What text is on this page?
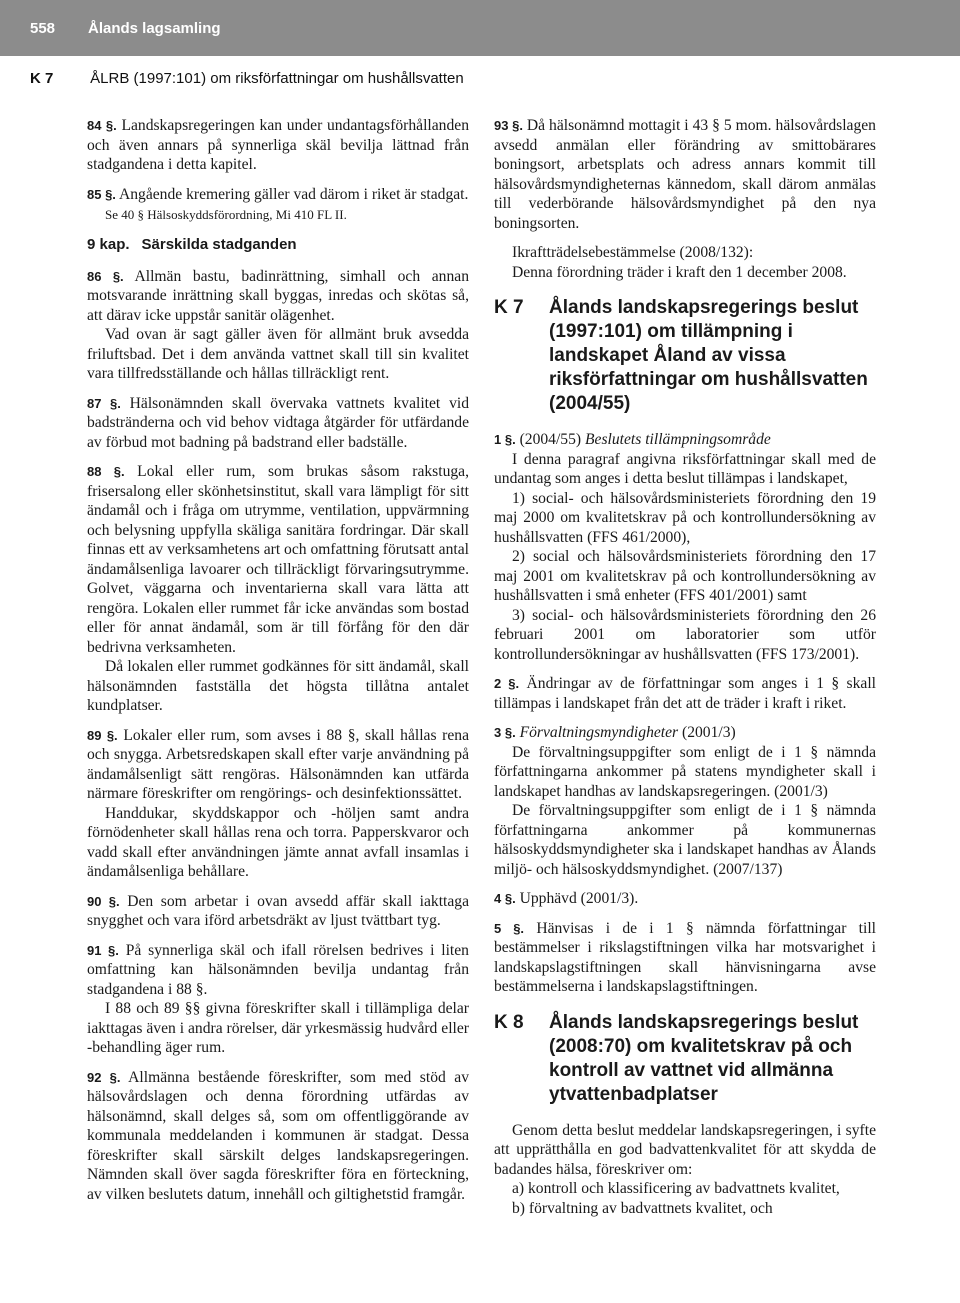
558	Ålands lagsamling
K 7 ÅLRB (1997:101) om riksförfattningar om hushållsvatten

84 §. Landskapsregeringen kan under undantagsförhållanden och även annars på synnerliga skäl bevilja lättnad från stadgandena i detta kapitel.

85 §. Angående kremering gäller vad därom i riket är stadgat.

Se 40 § Hälsoskyddsförordning, Mi 410 FL II.

9 kap. Särskilda stadganden

86 §. Allmän bastu, badinrättning, simhall och annan motsvarande inrättning skall byggas, inredas och skötas så, att därav icke uppstår sanitär olägenhet.

Vad ovan är sagt gäller även för allmänt bruk avsedda friluftsbad. Det i dem använda vattnet skall till sin kvalitet vara tillfredsställande och hållas tillräckligt rent.

87 §. Hälsonämnden skall övervaka vattnets kvalitet vid badstränderna och vid behov vidtaga åtgärder för utfärdande av förbud mot badning på badstrand eller badställe.

88 §. Lokal eller rum, som brukas såsom rakstuga, frisersalong eller skönhetsinstitut, skall vara lämpligt för sitt ändamål och i fråga om utrymme, ventilation, uppvärmning och belysning uppfylla skäliga sanitära fordringar. Där skall finnas ett av verksamhetens art och omfattning förutsatt antal ändamålsenliga lavoarer och tillräckligt förvaringsutrymme. Golvet, väggarna och inventarierna skall vara lätta att rengöra. Lokalen eller rummet får icke användas som bostad eller för annat ändamål, som är till förfång för den där bedrivna verksamheten.

Då lokalen eller rummet godkännes för sitt ändamål, skall hälsonämnden fastställa det högsta tillåtna antalet kundplatser.

89 §. Lokaler eller rum, som avses i 88 §, skall hållas rena och snygga. Arbetsredskapen skall efter varje användning på ändamålsenligt sätt rengöras. Hälsonämnden kan utfärda närmare föreskrifter om rengörings- och desinfektionssättet.

Handdukar, skyddskappor och -höljen samt andra förnödenheter skall hållas rena och torra. Papperskvaror och vadd skall efter användningen jämte annat avfall insamlas i ändamålsenliga behållare.

90 §. Den som arbetar i ovan avsedd affär skall iakttaga snygghet och vara iförd arbetsdräkt av ljust tvättbart tyg.

91 §. På synnerliga skäl och ifall rörelsen bedrives i liten omfattning kan hälsonämnden bevilja undantag från stadgandena i 88 §.

I 88 och 89 §§ givna föreskrifter skall i tillämpliga delar iakttagas även i andra rörelser, där yrkesmässig hudvård eller -behandling äger rum.

92 §. Allmänna bestående föreskrifter, som med stöd av hälsovårdslagen och denna förordning utfärdas av hälsonämnd, skall delges så, som om offentliggörande av kommunala meddelanden i kommunen är stadgat. Dessa föreskrifter skall särskilt delges landskapsregeringen. Nämnden skall över sagda föreskrifter föra en förteckning, av vilken beslutets datum, innehåll och giltighetstid framgår.

93 §. Då hälsonämnd mottagit i 43 § 5 mom. hälsovårdslagen avsedd anmälan eller förändring av smittobärares boningsort, arbetsplats och adress annars kommit till hälsovårdsmyndigheternas kännedom, skall därom anmälas till vederbörande hälsovårdsmyndighet på den nya boningsorten.

Ikraftträdelsebestämmelse (2008/132):

Denna förordning träder i kraft den 1 december 2008.

K 7	Ålands landskapsregerings beslut (1997:101) om tillämpning i landskapet Åland av vissa riksförfattningar om hushållsvatten (2004/55)

1 §. (2004/55) Beslutets tillämpningsområde

I denna paragraf angivna riksförfattningar skall med de undantag som anges i detta beslut tillämpas i landskapet,

1) social- och hälsovårdsministeriets förordning den 19 maj 2000 om kvalitetskrav på och kontrollundersökning av hushållsvatten (FFS 461/2000),

2) social och hälsovårdsministeriets förordning den 17 maj 2001 om kvalitetskrav på och kontrollundersökning av hushållsvatten i små enheter (FFS 401/2001) samt

3) social- och hälsovårdsministeriets förordning den 26 februari 2001 om laboratorier som utför kontrollundersökningar av hushållsvatten (FFS 173/2001).

2 §. Ändringar av de författningar som anges i 1 § skall tillämpas i landskapet från det att de träder i kraft i riket.

3 §. Förvaltningsmyndigheter (2001/3)

De förvaltningsuppgifter som enligt de i 1 § nämnda författningarna ankommer på statens myndigheter skall i landskapet handhas av landskapsregeringen. (2001/3)

De förvaltningsuppgifter som enligt de i 1 § nämnda författningarna ankommer på kommunernas hälsoskyddsmyndigheter ska i landskapet handhas av Ålands miljö- och hälsoskyddsmyndighet. (2007/137)

4 §. Upphävd (2001/3).

5 §. Hänvisas i de i 1 § nämnda författningar till bestämmelser i rikslagstiftningen vilka har motsvarighet i landskapslagstiftningen skall hänvisningarna avse bestämmelserna i landskapslagstiftningen.

K 8	Ålands landskapsregerings beslut (2008:70) om kvalitetskrav på och kontroll av vattnet vid allmänna ytvattenbadplatser

Genom detta beslut meddelar landskapsregeringen, i syfte att upprätthålla en god badvattenkvalitet för att skydda de badandes hälsa, föreskriver om:

a) kontroll och klassificering av badvattnets kvalitet,

b) förvaltning av badvattnets kvalitet, och
